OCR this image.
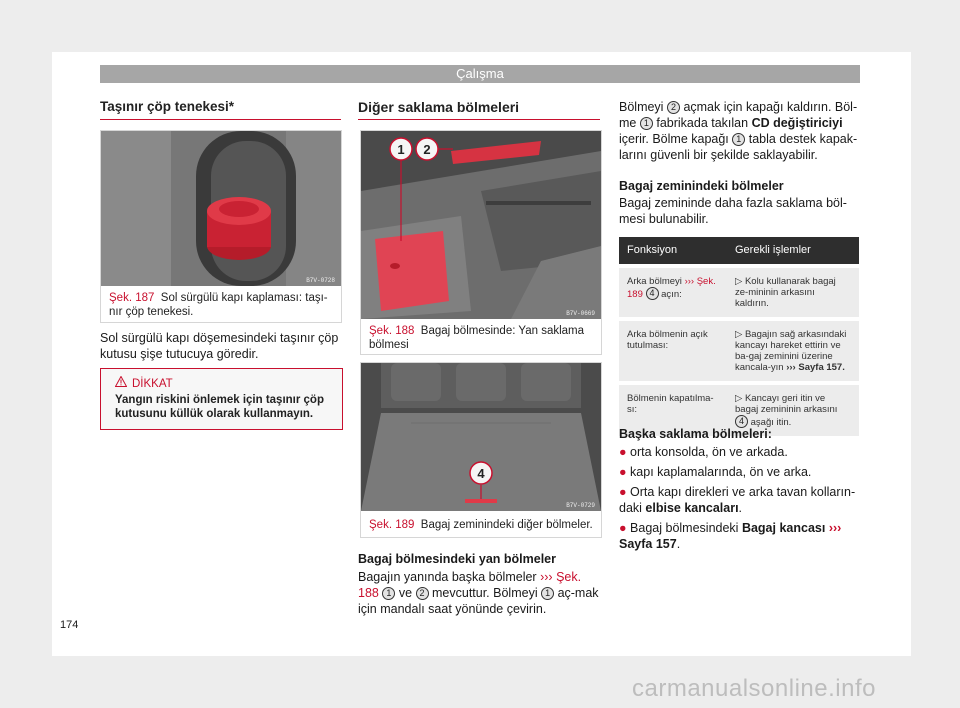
Çalışma
Taşınır çöp tenekesi*
B7V-0728
Şek. 187 Sol sürgülü kapı kaplaması: taşı-nır çöp tenekesi.
Sol sürgülü kapı döşemesindeki taşınır çöp kutusu şişe tutucuya göredir.
DİKKAT
Yangın riskini önlemek için taşınır çöp kutusunu küllük olarak kullanmayın.
Diğer saklama bölmeleri
1 2
B7V-0669
Şek. 188 Bagaj bölmesinde: Yan saklama bölmesi
4
B7V-0729
Şek. 189 Bagaj zeminindeki diğer bölmeler.
Bagaj bölmesindeki yan bölmeler
Bagajın yanında başka bölmeler ››› Şek. 188 1 ve 2 mevcuttur. Bölmeyi 1 aç-mak için mandalı saat yönünde çevirin.
Bölmeyi 2 açmak için kapağı kaldırın. Böl-me 1 fabrikada takılan CD değiştiriciyi içerir. Bölme kapağı 1 tabla destek kapak-larını güvenli bir şekilde saklayabilir.
Bagaj zeminindeki bölmeler
Bagaj zemininde daha fazla saklama böl-mesi bulunabilir.
Fonksiyon	Gerekli işlemler
Arka bölmeyi ››› Şek. 189 4 açın:	▷ Kolu kullanarak bagaj ze-mininin arkasını kaldırın.
Arka bölmenin açık tutulması:	▷ Bagajın sağ arkasındaki kancayı hareket ettirin ve ba-gaj zeminini üzerine kancala-yın ››› Sayfa 157.
Bölmenin kapatılma-sı:	▷ Kancayı geri itin ve bagaj zemininin arkasını 4 aşağı itin.
Başka saklama bölmeleri:
● orta konsolda, ön ve arkada.
● kapı kaplamalarında, ön ve arka.
● Orta kapı direkleri ve arka tavan kolların-daki elbise kancaları.
● Bagaj bölmesindeki Bagaj kancası ››› Sayfa 157.
174
carmanualsonline.info
